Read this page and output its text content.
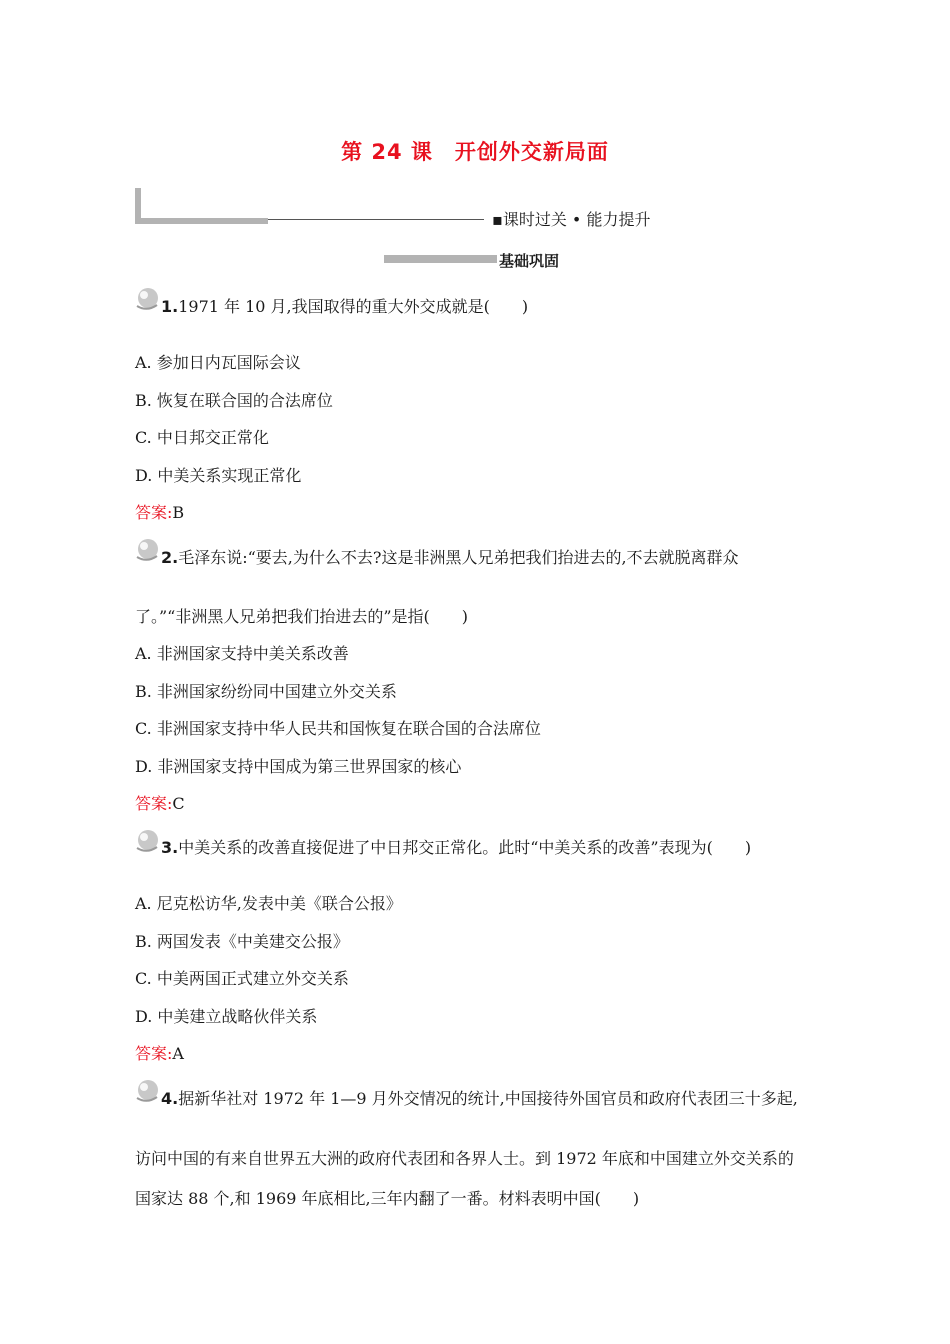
第 24 课　开创外交新局面
▪课时过关 • 能力提升
基础巩固
1.1971 年 10 月,我国取得的重大外交成就是(　　)
A. 参加日内瓦国际会议
B. 恢复在联合国的合法席位
C. 中日邦交正常化
D. 中美关系实现正常化
答案:B
2.毛泽东说:“要去,为什么不去?这是非洲黑人兄弟把我们抬进去的,不去就脱离群众
了。”“非洲黑人兄弟把我们抬进去的”是指(　　)
A. 非洲国家支持中美关系改善
B. 非洲国家纷纷同中国建立外交关系
C. 非洲国家支持中华人民共和国恢复在联合国的合法席位
D. 非洲国家支持中国成为第三世界国家的核心
答案:C
3.中美关系的改善直接促进了中日邦交正常化。此时“中美关系的改善”表现为(　　)
A. 尼克松访华,发表中美《联合公报》
B. 两国发表《中美建交公报》
C. 中美两国正式建立外交关系
D. 中美建立战略伙伴关系
答案:A
4.据新华社对 1972 年 1—9 月外交情况的统计,中国接待外国官员和政府代表团三十多起,
访问中国的有来自世界五大洲的政府代表团和各界人士。到 1972 年底和中国建立外交关系的
国家达 88 个,和 1969 年底相比,三年内翻了一番。材料表明中国(　　)
